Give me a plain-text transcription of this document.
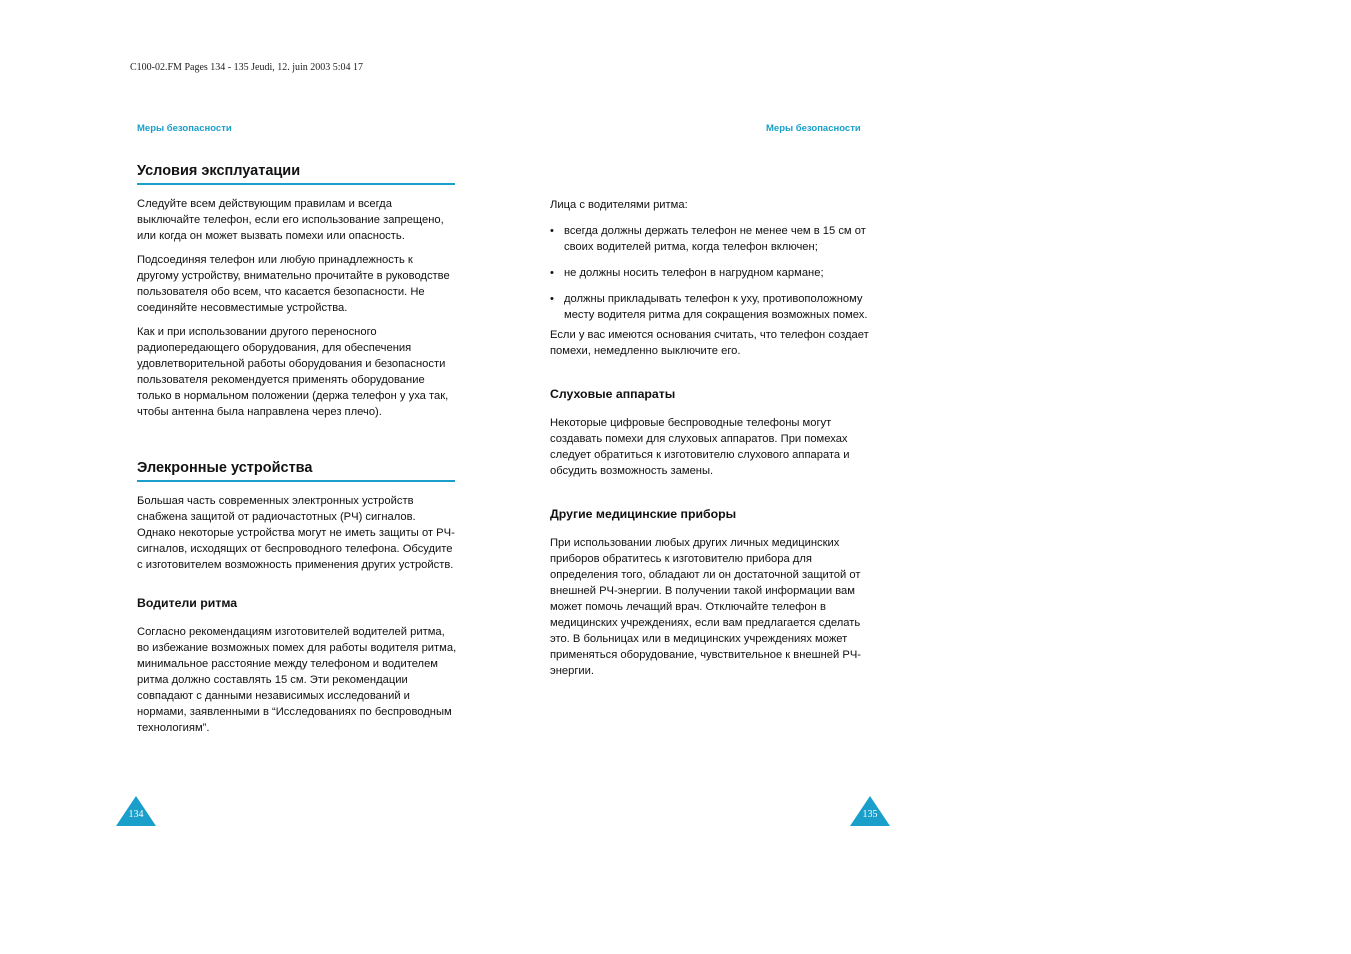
C100-02.FM Pages 134 - 135 Jeudi, 12. juin 2003 5:04 17
Меры безопасности	Меры безопасности
Условия эксплуатации

Следуйте всем действующим правилам и всегда выключайте телефон, если его использование запрещено, или когда он может вызвать помехи или опасность.

Подсоединяя телефон или любую принадлежность к другому устройству, внимательно прочитайте в руководстве пользователя обо всем, что касается безопасности. Не соединяйте несовместимые устройства.

Как и при использовании другого переносного радиопередающего оборудования, для обеспечения удовлетворительной работы оборудования и безопасности пользователя рекомендуется применять оборудование только в нормальном положении (держа телефон у уха так, чтобы антенна была направлена через плечо).

Элекронные устройства

Большая часть современных электронных устройств снабжена защитой от радиочастотных (РЧ) сигналов. Однако некоторые устройства могут не иметь защиты от РЧ-сигналов, исходящих от беспроводного телефона. Обсудите с изготовителем возможность применения других устройств.

Водители ритма

Согласно рекомендациям изготовителей водителей ритма, во избежание возможных помех для работы водителя ритма, минимальное расстояние между телефоном и водителем ритма должно составлять 15 см. Эти рекомендации совпадают с данными независимых исследований и нормами, заявленными в “Исследованиях по беспроводным технологиям”.

Лица с водителями ритма:

• всегда должны держать телефон не менее чем в 15 см от своих водителей ритма, когда телефон включен;
• не должны носить телефон в нагрудном кармане;
• должны прикладывать телефон к уху, противоположному месту водителя ритма для сокращения возможных помех.

Если у вас имеются основания считать, что телефон создает помехи, немедленно выключите его.

Слуховые аппараты

Некоторые цифровые беспроводные телефоны могут создавать помехи для слуховых аппаратов. При помехах следует обратиться к изготовителю слухового аппарата и обсудить возможность замены.

Другие медицинские приборы

При использовании любых других личных медицинских приборов обратитесь к изготовителю прибора для определения того, обладают ли он достаточной защитой от внешней РЧ-энергии. В получении такой информации вам может помочь лечащий врач. Отключайте телефон в медицинских учреждениях, если вам предлагается сделать это. В больницах или в медицинских учреждениях может применяться оборудование, чувствительное к внешней РЧ-энергии.

134	135
